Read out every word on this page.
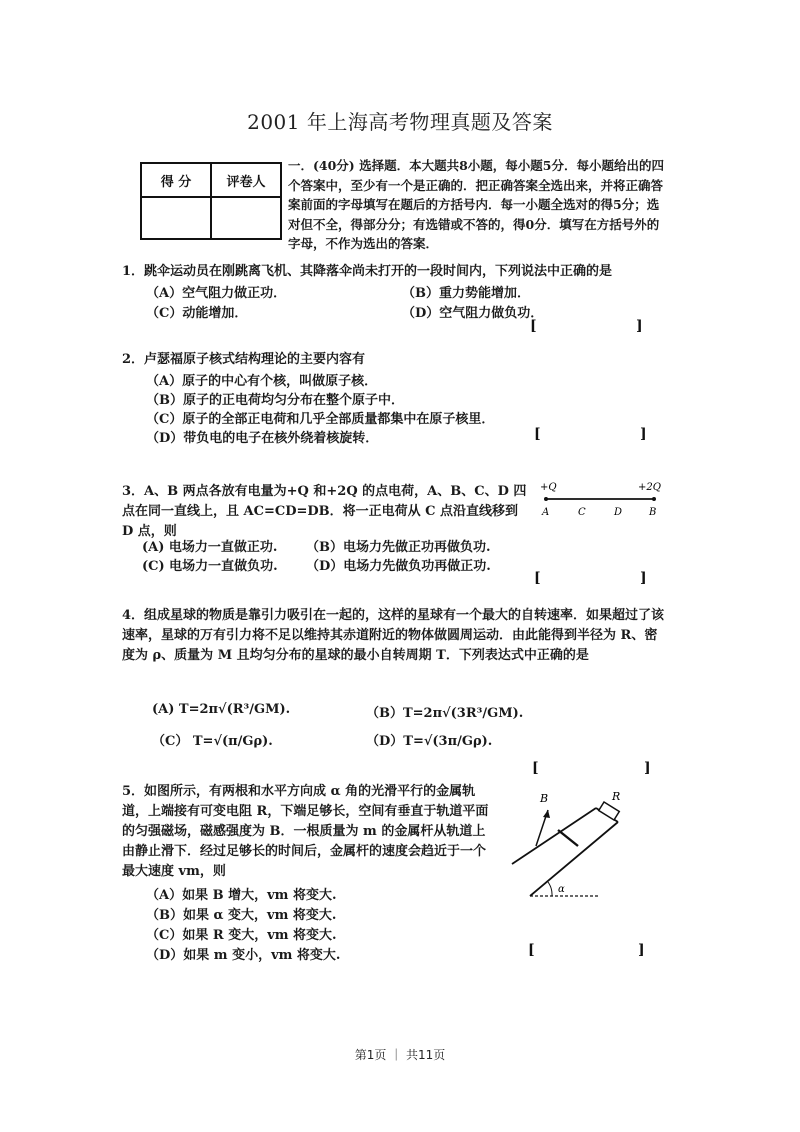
2001 年上海高考物理真题及答案
得 分	评卷人

一．(40分) 选择题．本大题共8小题，每小题5分．每小题给出的四个答案中，至少有一个是正确的．把正确答案全选出来，并将正确答案前面的字母填写在题后的方括号内．每一小题全选对的得5分；选对但不全，得部分分；有选错或不答的，得0分．填写在方括号外的字母，不作为选出的答案．
1．跳伞运动员在刚跳离飞机、其降落伞尚未打开的一段时间内，下列说法中正确的是
（A）空气阻力做正功．	（B）重力势能增加．
（C）动能增加．	（D）空气阻力做负功．
[	]
2．卢瑟福原子核式结构理论的主要内容有
（A）原子的中心有个核，叫做原子核．
（B）原子的正电荷均匀分布在整个原子中．
（C）原子的全部正电荷和几乎全部质量都集中在原子核里．
（D）带负电的电子在核外绕着核旋转．	[	]
3．A、B 两点各放有电量为+Q 和+2Q 的点电荷，A、B、C、D 四点在同一直线上，且 AC=CD=DB．将一正电荷从 C 点沿直线移到 D 点，则
(A) 电场力一直做正功. （B）电场力先做正功再做负功.
(C) 电场力一直做负功. （D）电场力先做负功再做正功.
[	]
+Q	+2Q
A	C	D	B
4．组成星球的物质是靠引力吸引在一起的，这样的星球有一个最大的自转速率．如果超过了该速率，星球的万有引力将不足以维持其赤道附近的物体做圆周运动．由此能得到半径为 R、密度为 ρ、质量为 M 且均匀分布的星球的最小自转周期 T．下列表达式中正确的是
(A) T=2π√(R³/GM).	（B）T=2π√(3R³/GM).
（C） T=√(π/Gρ).	（D）T=√(3π/Gρ).
[	]
5．如图所示，有两根和水平方向成 α 角的光滑平行的金属轨道，上端接有可变电阻 R，下端足够长，空间有垂直于轨道平面的匀强磁场，磁感强度为 B．一根质量为 m 的金属杆从轨道上由静止滑下．经过足够长的时间后，金属杆的速度会趋近于一个最大速度 vm，则
（A）如果 B 增大，vm 将变大.
（B）如果 α 变大，vm 将变大.
（C）如果 R 变大，vm 将变大.
（D）如果 m 变小，vm 将变大.	[	]
R
B
α
第1页 ｜ 共11页
